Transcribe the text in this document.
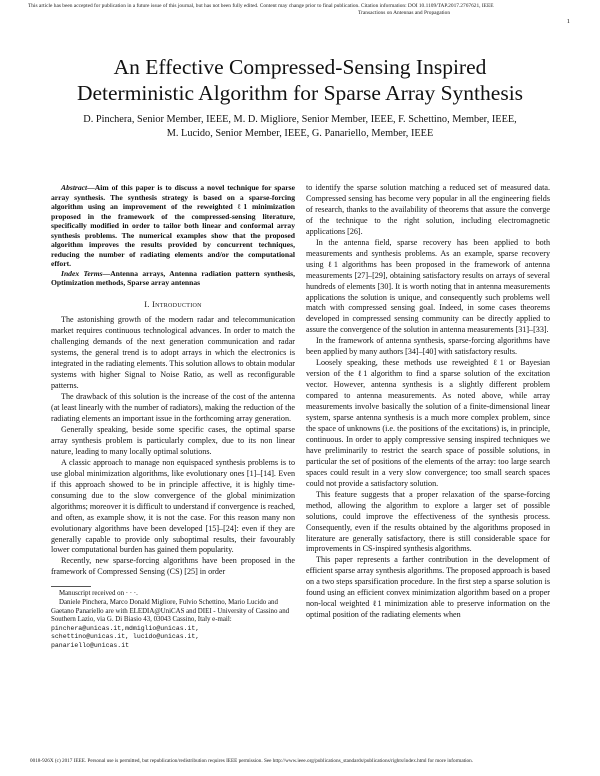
This article has been accepted for publication in a future issue of this journal, but has not been fully edited. Content may change prior to final publication. Citation information: DOI 10.1109/TAP.2017.2767621, IEEE
Transactions on Antennas and Propagation
1
An Effective Compressed-Sensing Inspired
Deterministic Algorithm for Sparse Array Synthesis
D. Pinchera, Senior Member, IEEE, M. D. Migliore, Senior Member, IEEE, F. Schettino, Member, IEEE,
M. Lucido, Senior Member, IEEE, G. Panariello, Member, IEEE

Abstract—Aim of this paper is to discuss a novel technique for sparse array synthesis. The synthesis strategy is based on a sparse-forcing algorithm using an improvement of the reweighted ℓ1 minimization proposed in the framework of the compressed-sensing literature, specifically modified in order to tailor both linear and conformal array synthesis problems. The numerical examples show that the proposed algorithm improves the results provided by concurrent techniques, reducing the number of radiating elements and/or the computational effort.

Index Terms—Antenna arrays, Antenna radiation pattern synthesis, Optimization methods, Sparse array antennas

I. Introduction

The astonishing growth of the modern radar and telecommunication market requires continuous technological advances. In order to match the challenging demands of the next generation communication and radar systems, the general trend is to adopt arrays in which the electronics is integrated in the radiating elements. This solution allows to obtain modular systems with higher Signal to Noise Ratio, as well as reconfigurable patterns.

The drawback of this solution is the increase of the cost of the antenna (at least linearly with the number of radiators), making the reduction of the radiating elements an important issue in the forthcoming array generation.

Generally speaking, beside some specific cases, the optimal sparse array synthesis problem is particularly complex, due to its non linear nature, leading to many locally optimal solutions.

A classic approach to manage non equispaced synthesis problems is to use global minimization algorithms, like evolutionary ones [1]–[14]. Even if this approach showed to be in principle affective, it is highly time-consuming due to the slow convergence of the global minimization algorithms; moreover it is difficult to understand if convergence is reached, and often, as example show, it is not the case. For this reason many non evolutionary algorithms have been developed [15]–[24]: even if they are generally capable to provide only suboptimal results, their favourably lower computational burden has gained them popularity.

Recently, new sparse-forcing algorithms have been proposed in the framework of Compressed Sensing (CS) [25] in order

Manuscript received on · · ·.
Daniele Pinchera, Marco Donald Migliore, Fulvio Schettino, Mario Lucido and Gaetano Panariello are with ELEDIA@UniCAS and DIEI - University of Cassino and Southern Lazio, via G. Di Biasio 43, 03043 Cassino, Italy e-mail: pinchera@unicas.it,mdmiglio@unicas.it,
schettino@unicas.it, lucido@unicas.it,
panariello@unicas.it

to identify the sparse solution matching a reduced set of measured data. Compressed sensing has become very popular in all the engineering fields of research, thanks to the availability of theorems that assure the converge of the technique to the right solution, including electromagnetic applications [26].

In the antenna field, sparse recovery has been applied to both measurements and synthesis problems. As an example, sparse recovery using ℓ1 algorithms has been proposed in the framework of antenna measurements [27]–[29], obtaining satisfactory results on arrays of several hundreds of elements [30]. It is worth noting that in antenna measurements applications the solution is unique, and consequently such problems well match with compressed sensing goal. Indeed, in some cases theorems developed in compressed sensing community can be directly applied to assure the convergence of the solution in antenna measurements [31]–[33].

In the framework of antenna synthesis, sparse-forcing algorithms have been applied by many authors [34]–[40] with satisfactory results.

Loosely speaking, these methods use reweighted ℓ1 or Bayesian version of the ℓ1 algorithm to find a sparse solution of the excitation vector. However, antenna synthesis is a slightly different problem compared to antenna measurements. As noted above, while array measurements involve basically the solution of a finite-dimensional linear system, sparse antenna synthesis is a much more complex problem, since the space of unknowns (i.e. the positions of the excitations) is, in principle, continuous. In order to apply compressive sensing inspired techniques we have preliminarily to restrict the search space of possible solutions, in particular the set of positions of the elements of the array: too large search spaces could result in a very slow convergence; too small search spaces could not provide a satisfactory solution.

This feature suggests that a proper relaxation of the sparse-forcing method, allowing the algorithm to explore a larger set of possible solutions, could improve the effectiveness of the synthesis process. Consequently, even if the results obtained by the algorithms proposed in literature are generally satisfactory, there is still considerable space for improvements in CS-inspired synthesis algorithms.

This paper represents a farther contribution in the development of efficient sparse array synthesis algorithms. The proposed approach is based on a two steps sparsification procedure. In the first step a sparse solution is found using an efficient convex minimization algorithm based on a proper non-local weighted ℓ1 minimization able to preserve information on the optimal position of the radiating elements when

0018-926X (c) 2017 IEEE. Personal use is permitted, but republication/redistribution requires IEEE permission. See http://www.ieee.org/publications_standards/publications/rights/index.html for more information.
